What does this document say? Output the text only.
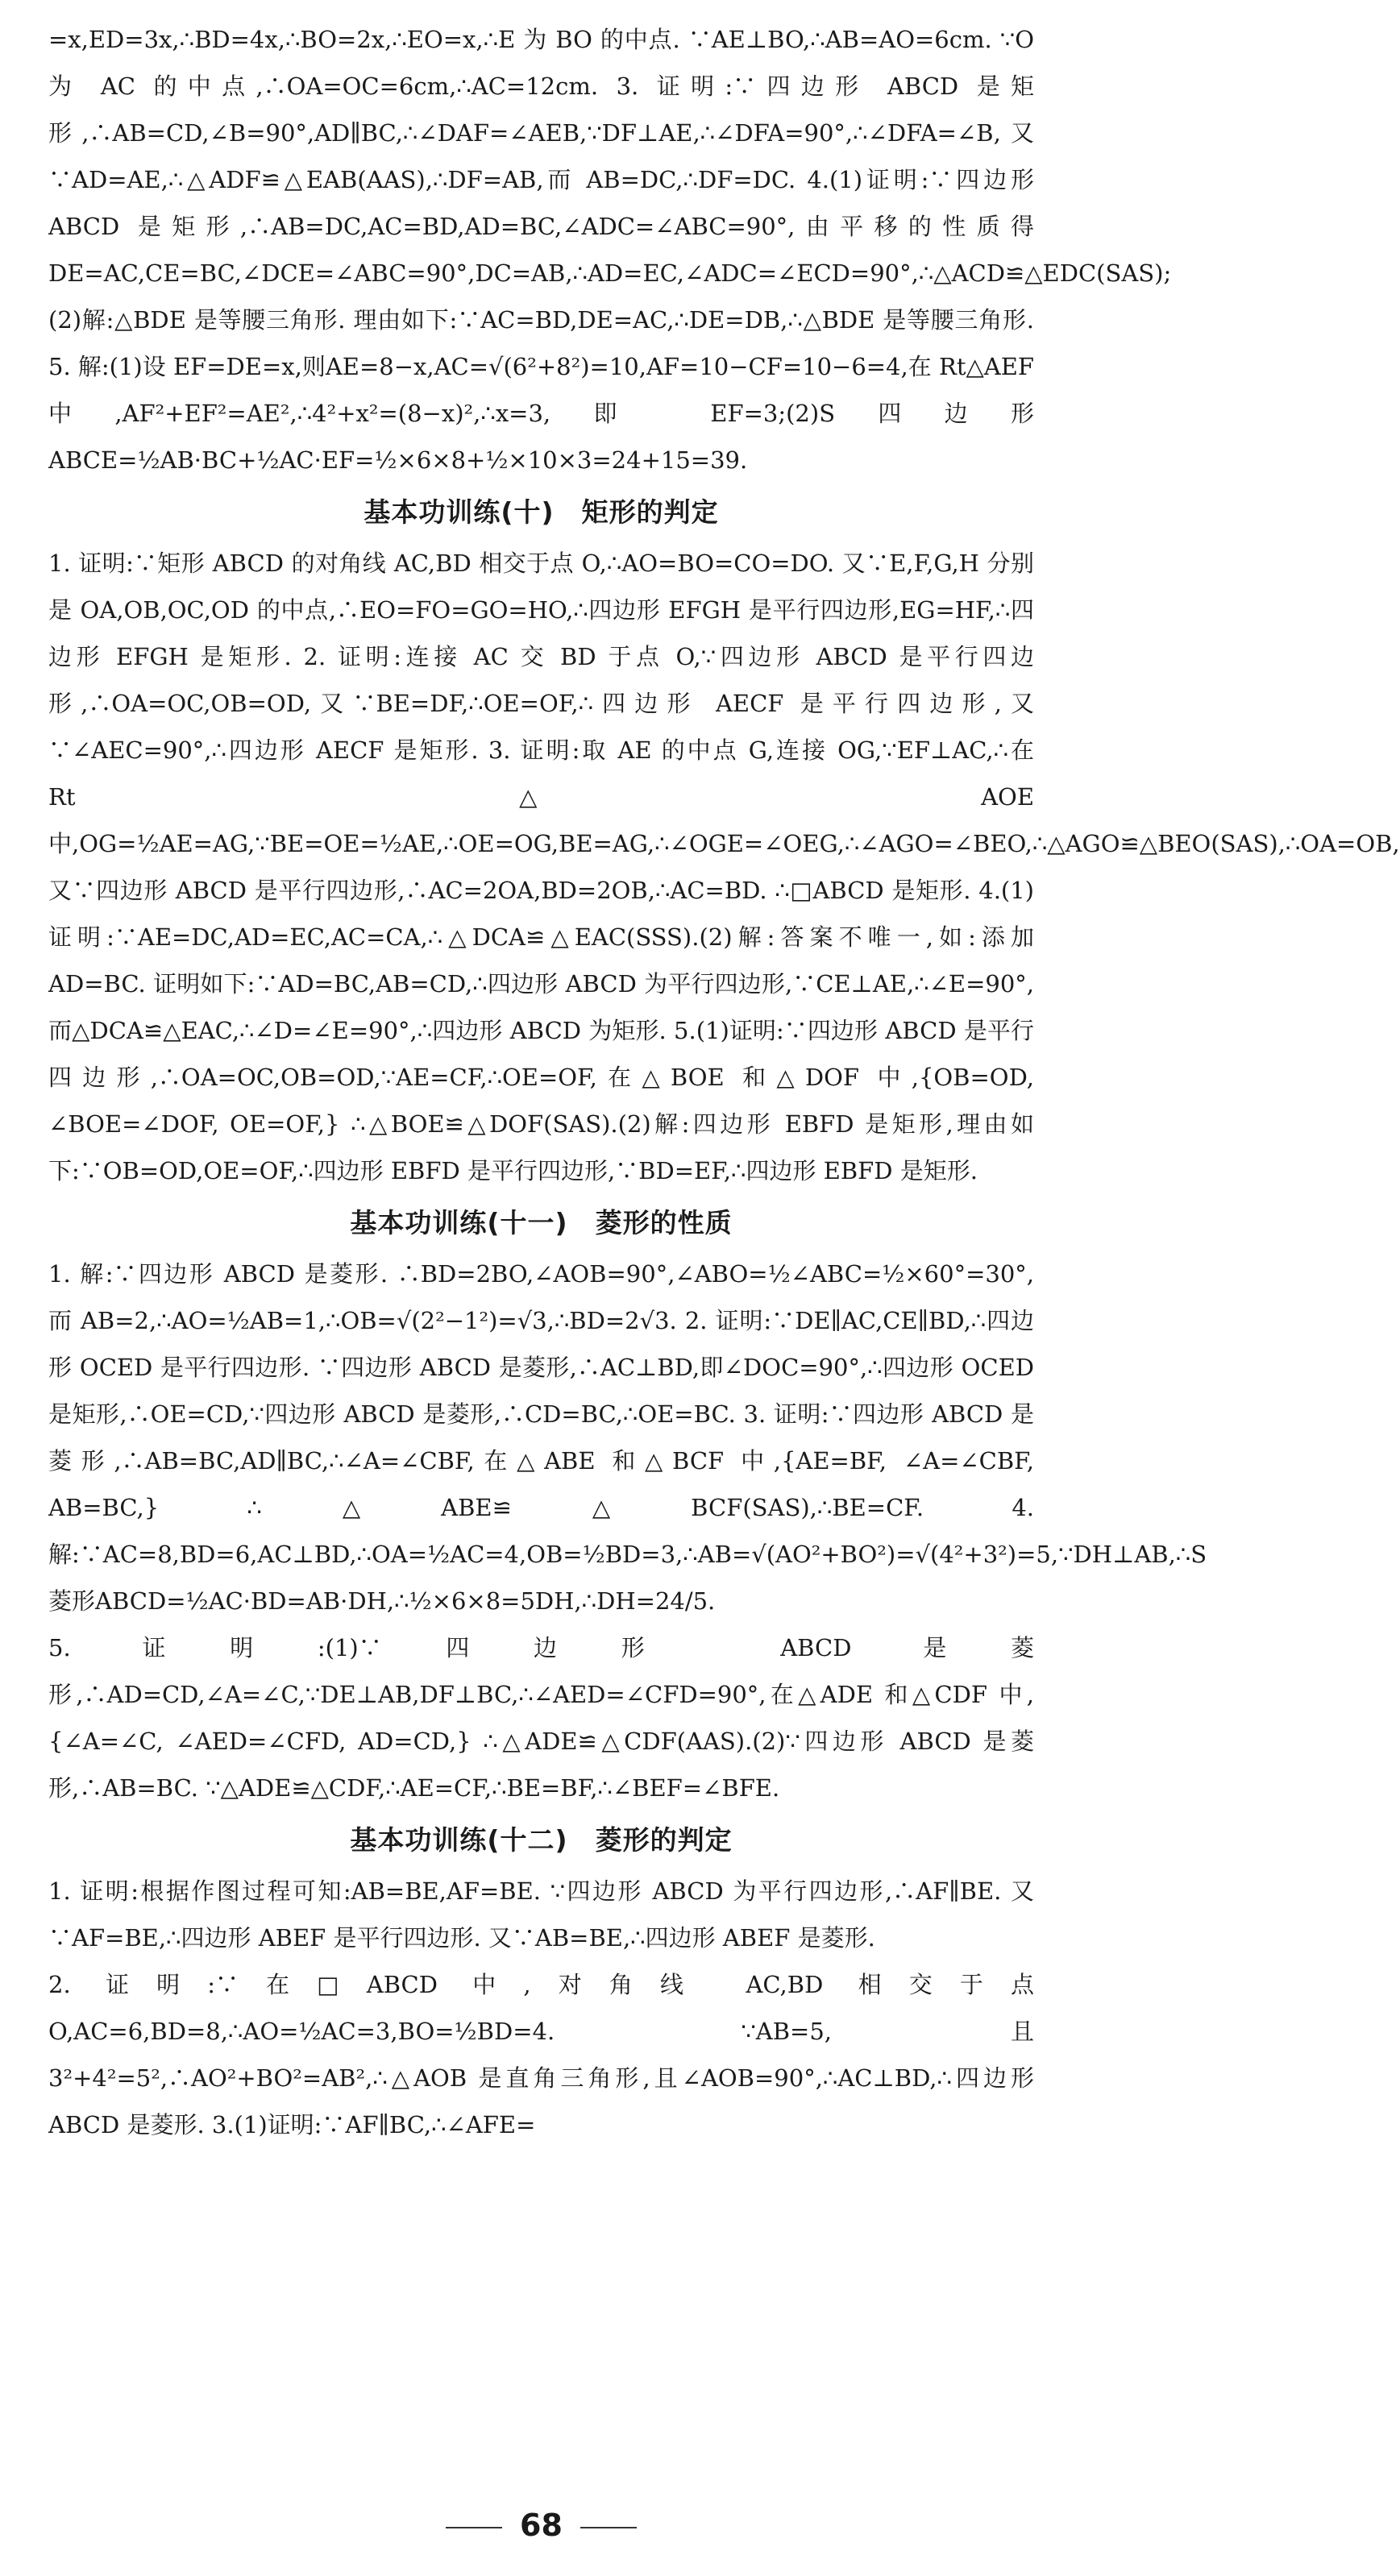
=x,ED=3x,∴BD=4x,∴BO=2x,∴EO=x,∴E 为 BO 的中点. ∵AE⊥BO,∴AB=AO=6cm. ∵O 为 AC 的中点,∴OA=OC=6cm,∴AC=12cm. 3. 证明:∵四边形 ABCD 是矩形,∴AB=CD,∠B=90°,AD∥BC,∴∠DAF=∠AEB,∵DF⊥AE,∴∠DFA=90°,∴∠DFA=∠B,又∵AD=AE,∴△ADF≌△EAB(AAS),∴DF=AB,而 AB=DC,∴DF=DC. 4.(1)证明:∵四边形 ABCD 是矩形,∴AB=DC,AC=BD,AD=BC,∠ADC=∠ABC=90°,由平移的性质得 DE=AC,CE=BC,∠DCE=∠ABC=90°,DC=AB,∴AD=EC,∠ADC=∠ECD=90°,∴△ACD≌△EDC(SAS);(2)解:△BDE 是等腰三角形. 理由如下:∵AC=BD,DE=AC,∴DE=DB,∴△BDE 是等腰三角形. 5. 解:(1)设 EF=DE=x,则AE=8−x,AC=√(6²+8²)=10,AF=10−CF=10−6=4,在 Rt△AEF 中,AF²+EF²=AE²,∴4²+x²=(8−x)²,∴x=3,即 EF=3;(2)S四边形ABCE=½AB·BC+½AC·EF=½×6×8+½×10×3=24+15=39.

基本功训练(十)　矩形的判定

1. 证明:∵矩形 ABCD 的对角线 AC,BD 相交于点 O,∴AO=BO=CO=DO. 又∵E,F,G,H 分别是 OA,OB,OC,OD 的中点,∴EO=FO=GO=HO,∴四边形 EFGH 是平行四边形,EG=HF,∴四边形 EFGH 是矩形. 2. 证明:连接 AC 交 BD 于点 O,∵四边形 ABCD 是平行四边形,∴OA=OC,OB=OD,又∵BE=DF,∴OE=OF,∴四边形 AECF 是平行四边形,又∵∠AEC=90°,∴四边形 AECF 是矩形. 3. 证明:取 AE 的中点 G,连接 OG,∵EF⊥AC,∴在 Rt△AOE 中,OG=½AE=AG,∵BE=OE=½AE,∴OE=OG,BE=AG,∴∠OGE=∠OEG,∴∠AGO=∠BEO,∴△AGO≌△BEO(SAS),∴OA=OB,又∵四边形 ABCD 是平行四边形,∴AC=2OA,BD=2OB,∴AC=BD. ∴□ABCD 是矩形. 4.(1)证明:∵AE=DC,AD=EC,AC=CA,∴△DCA≌△EAC(SSS).(2)解:答案不唯一,如:添加 AD=BC. 证明如下:∵AD=BC,AB=CD,∴四边形 ABCD 为平行四边形,∵CE⊥AE,∴∠E=90°,而△DCA≌△EAC,∴∠D=∠E=90°,∴四边形 ABCD 为矩形. 5.(1)证明:∵四边形 ABCD 是平行四边形,∴OA=OC,OB=OD,∵AE=CF,∴OE=OF,在△BOE 和△DOF 中,{OB=OD, ∠BOE=∠DOF, OE=OF,} ∴△BOE≌△DOF(SAS).(2)解:四边形 EBFD 是矩形,理由如下:∵OB=OD,OE=OF,∴四边形 EBFD 是平行四边形,∵BD=EF,∴四边形 EBFD 是矩形.

基本功训练(十一)　菱形的性质

1. 解:∵四边形 ABCD 是菱形. ∴BD=2BO,∠AOB=90°,∠ABO=½∠ABC=½×60°=30°,而 AB=2,∴AO=½AB=1,∴OB=√(2²−1²)=√3,∴BD=2√3. 2. 证明:∵DE∥AC,CE∥BD,∴四边形 OCED 是平行四边形. ∵四边形 ABCD 是菱形,∴AC⊥BD,即∠DOC=90°,∴四边形 OCED 是矩形,∴OE=CD,∵四边形 ABCD 是菱形,∴CD=BC,∴OE=BC. 3. 证明:∵四边形 ABCD 是菱形,∴AB=BC,AD∥BC,∴∠A=∠CBF,在△ABE 和△BCF 中,{AE=BF, ∠A=∠CBF, AB=BC,} ∴△ABE≌△BCF(SAS),∴BE=CF. 4. 解:∵AC=8,BD=6,AC⊥BD,∴OA=½AC=4,OB=½BD=3,∴AB=√(AO²+BO²)=√(4²+3²)=5,∵DH⊥AB,∴S菱形ABCD=½AC·BD=AB·DH,∴½×6×8=5DH,∴DH=24/5.

5. 证明:(1)∵四边形 ABCD 是菱形,∴AD=CD,∠A=∠C,∵DE⊥AB,DF⊥BC,∴∠AED=∠CFD=90°,在△ADE 和△CDF 中,{∠A=∠C, ∠AED=∠CFD, AD=CD,} ∴△ADE≌△CDF(AAS).(2)∵四边形 ABCD 是菱形,∴AB=BC. ∵△ADE≌△CDF,∴AE=CF,∴BE=BF,∴∠BEF=∠BFE.

基本功训练(十二)　菱形的判定

1. 证明:根据作图过程可知:AB=BE,AF=BE. ∵四边形 ABCD 为平行四边形,∴AF∥BE. 又∵AF=BE,∴四边形 ABEF 是平行四边形. 又∵AB=BE,∴四边形 ABEF 是菱形.

2. 证明:∵在□ABCD 中,对角线 AC,BD 相交于点 O,AC=6,BD=8,∴AO=½AC=3,BO=½BD=4. ∵AB=5,且 3²+4²=5²,∴AO²+BO²=AB²,∴△AOB 是直角三角形,且∠AOB=90°,∴AC⊥BD,∴四边形 ABCD 是菱形. 3.(1)证明:∵AF∥BC,∴∠AFE=

68
